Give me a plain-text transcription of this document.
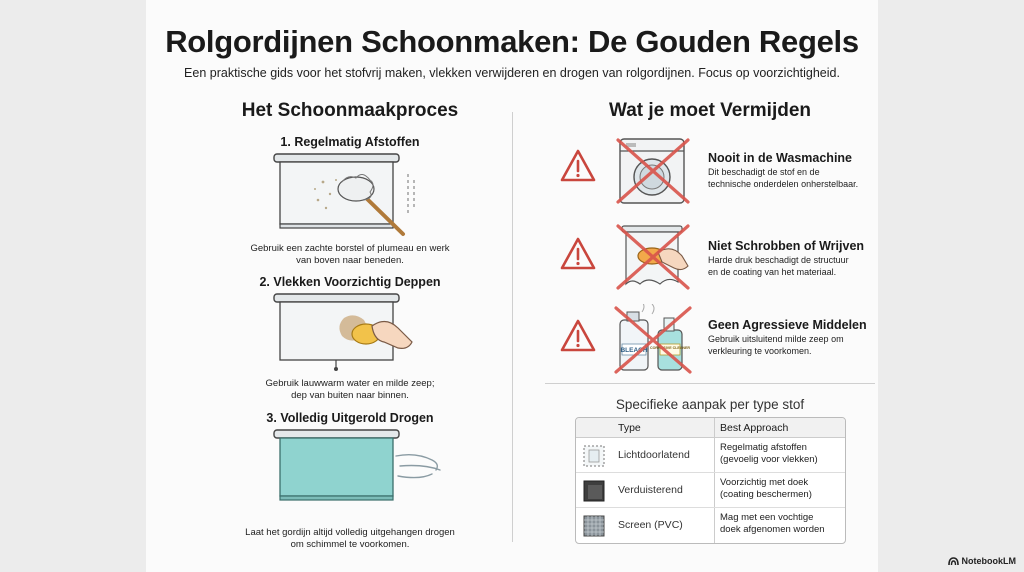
Rolgordijnen Schoonmaken: De Gouden Regels
Een praktische gids voor het stofvrij maken, vlekken verwijderen en drogen van rolgordijnen. Focus op voorzichtigheid.
Het Schoonmaakproces
1. Regelmatig Afstoffen
Gebruik een zachte borstel of plumeau en werk
van boven naar beneden.
2. Vlekken Voorzichtig Deppen
Gebruik lauwwarm water en milde zeep;
dep van buiten naar binnen.
3. Volledig Uitgerold Drogen
Laat het gordijn altijd volledig uitgehangen drogen
om schimmel te voorkomen.
Wat je moet Vermijden
Nooit in de Wasmachine
Dit beschadigt de stof en de
technische onderdelen onherstelbaar.
Niet Schrobben of Wrijven
Harde druk beschadigt de structuur
en de coating van het materiaal.
BLEACH CORROSIVE CLEANER
Geen Agressieve Middelen
Gebruik uitsluitend milde zeep om
verkleuring te voorkomen.
Specifieke aanpak per type stof
Type	Best Approach
Lichtdoorlatend
Regelmatig afstoffen
(gevoelig voor vlekken)
Verduisterend
Voorzichtig met doek
(coating beschermen)
Screen (PVC)
Mag met een vochtige
doek afgenomen worden
NotebookLM
